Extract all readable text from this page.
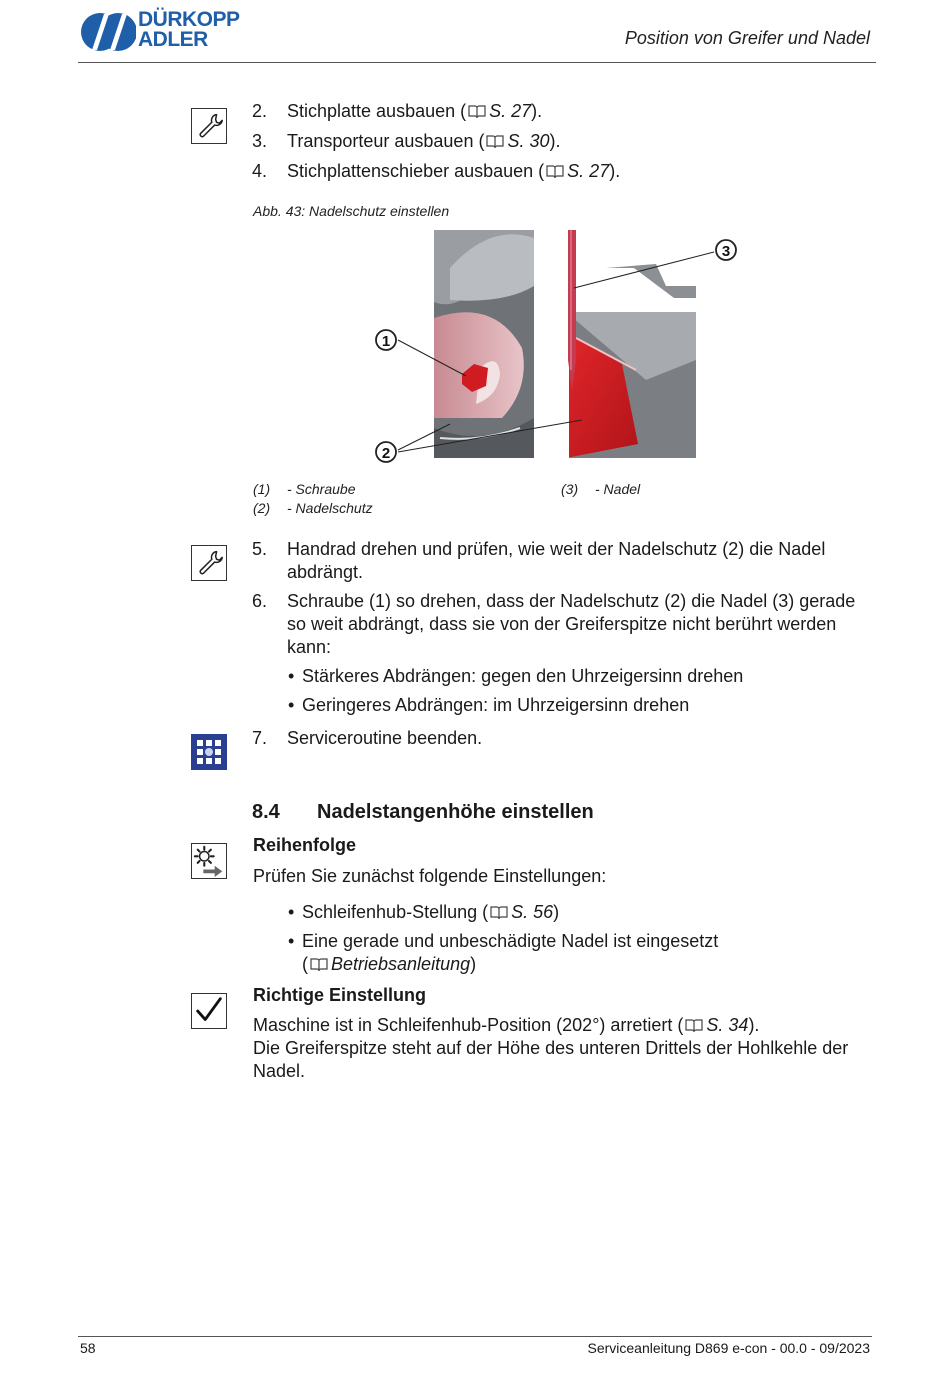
DÜRKOPP
ADLER	Position von Greifer und Nadel
2. Stichplatte ausbauen ( S. 27).
3. Transporteur ausbauen ( S. 30).
4. Stichplattenschieber ausbauen ( S. 27).
Abb. 43: Nadelschutz einstellen
1
2
3
(1) - Schraube
(2) - Nadelschutz
(3) - Nadel
5. Handrad drehen und prüfen, wie weit der Nadelschutz (2) die Nadel abdrängt.
6. Schraube (1) so drehen, dass der Nadelschutz (2) die Nadel (3) gerade so weit abdrängt, dass sie von der Greiferspitze nicht berührt werden kann:
• Stärkeres Abdrängen: gegen den Uhrzeigersinn drehen
• Geringeres Abdrängen: im Uhrzeigersinn drehen
7. Serviceroutine beenden.
8.4 Nadelstangenhöhe einstellen
Reihenfolge
Prüfen Sie zunächst folgende Einstellungen:
• Schleifenhub-Stellung ( S. 56)
• Eine gerade und unbeschädigte Nadel ist eingesetzt
( Betriebsanleitung)
Richtige Einstellung
Maschine ist in Schleifenhub-Position (202°) arretiert ( S. 34).
Die Greiferspitze steht auf der Höhe des unteren Drittels der Hohlkehle der Nadel.
58	Serviceanleitung D869 e-con - 00.0 - 09/2023
